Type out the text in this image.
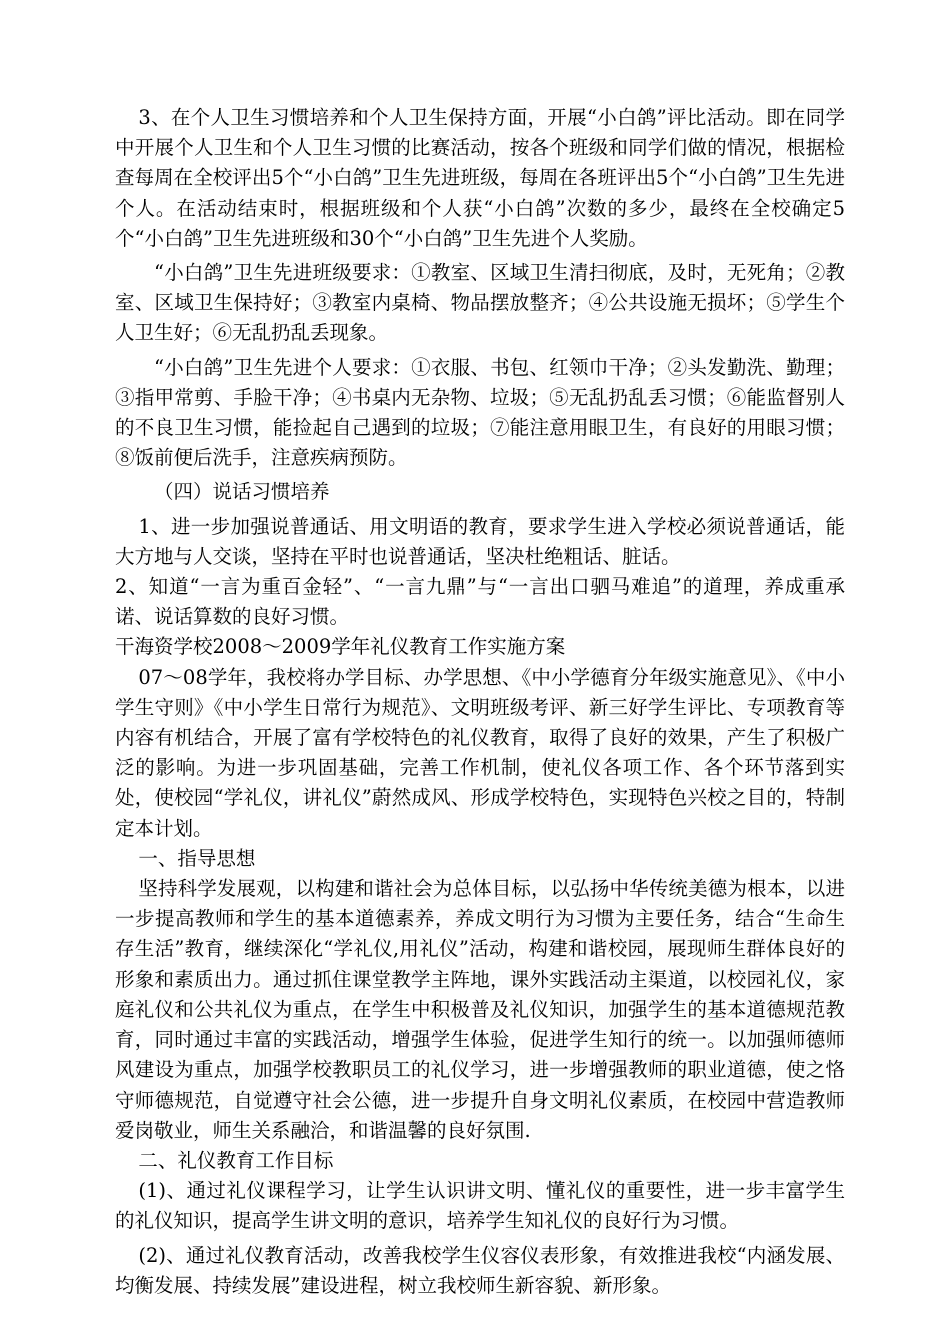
3、在个人卫生习惯培养和个人卫生保持方面，开展“小白鸽”评比活动。即在同学中开展个人卫生和个人卫生习惯的比赛活动，按各个班级和同学们做的情况，根据检查每周在全校评出5个“小白鸽”卫生先进班级，每周在各班评出5个“小白鸽”卫生先进个人。在活动结束时，根据班级和个人获“小白鸽”次数的多少，最终在全校确定5个“小白鸽”卫生先进班级和30个“小白鸽”卫生先进个人奖励。

“小白鸽”卫生先进班级要求：①教室、区域卫生清扫彻底，及时，无死角；②教室、区域卫生保持好；③教室内桌椅、物品摆放整齐；④公共设施无损坏；⑤学生个人卫生好；⑥无乱扔乱丢现象。

“小白鸽”卫生先进个人要求：①衣服、书包、红领巾干净；②头发勤洗、勤理；③指甲常剪、手脸干净；④书桌内无杂物、垃圾；⑤无乱扔乱丢习惯；⑥能监督别人的不良卫生习惯，能捡起自己遇到的垃圾；⑦能注意用眼卫生，有良好的用眼习惯；⑧饭前便后洗手，注意疾病预防。

（四）说话习惯培养

1、进一步加强说普通话、用文明语的教育，要求学生进入学校必须说普通话，能大方地与人交谈，坚持在平时也说普通话，坚决杜绝粗话、脏话。

2、知道“一言为重百金轻”、“一言九鼎”与“一言出口驷马难追”的道理，养成重承诺、说话算数的良好习惯。

干海资学校2008～2009学年礼仪教育工作实施方案

07～08学年，我校将办学目标、办学思想、《中小学德育分年级实施意见》、《中小学生守则》《中小学生日常行为规范》、文明班级考评、新三好学生评比、专项教育等内容有机结合，开展了富有学校特色的礼仪教育，取得了良好的效果，产生了积极广泛的影响。为进一步巩固基础，完善工作机制，使礼仪各项工作、各个环节落到实处，使校园“学礼仪，讲礼仪”蔚然成风、形成学校特色，实现特色兴校之目的，特制定本计划。

一、指导思想

坚持科学发展观，以构建和谐社会为总体目标，以弘扬中华传统美德为根本，以进一步提高教师和学生的基本道德素养，养成文明行为习惯为主要任务，结合“生命生存生活”教育，继续深化“学礼仪,用礼仪”活动，构建和谐校园，展现师生群体良好的形象和素质出力。通过抓住课堂教学主阵地，课外实践活动主渠道，以校园礼仪，家庭礼仪和公共礼仪为重点，在学生中积极普及礼仪知识，加强学生的基本道德规范教育，同时通过丰富的实践活动，增强学生体验，促进学生知行的统一。以加强师德师风建设为重点，加强学校教职员工的礼仪学习，进一步增强教师的职业道德，使之恪守师德规范，自觉遵守社会公德，进一步提升自身文明礼仪素质，在校园中营造教师爱岗敬业，师生关系融洽，和谐温馨的良好氛围.

二、礼仪教育工作目标

(1)、通过礼仪课程学习，让学生认识讲文明、懂礼仪的重要性，进一步丰富学生的礼仪知识，提高学生讲文明的意识，培养学生知礼仪的良好行为习惯。

(2)、通过礼仪教育活动，改善我校学生仪容仪表形象，有效推进我校“内涵发展、均衡发展、持续发展”建设进程，树立我校师生新容貌、新形象。
